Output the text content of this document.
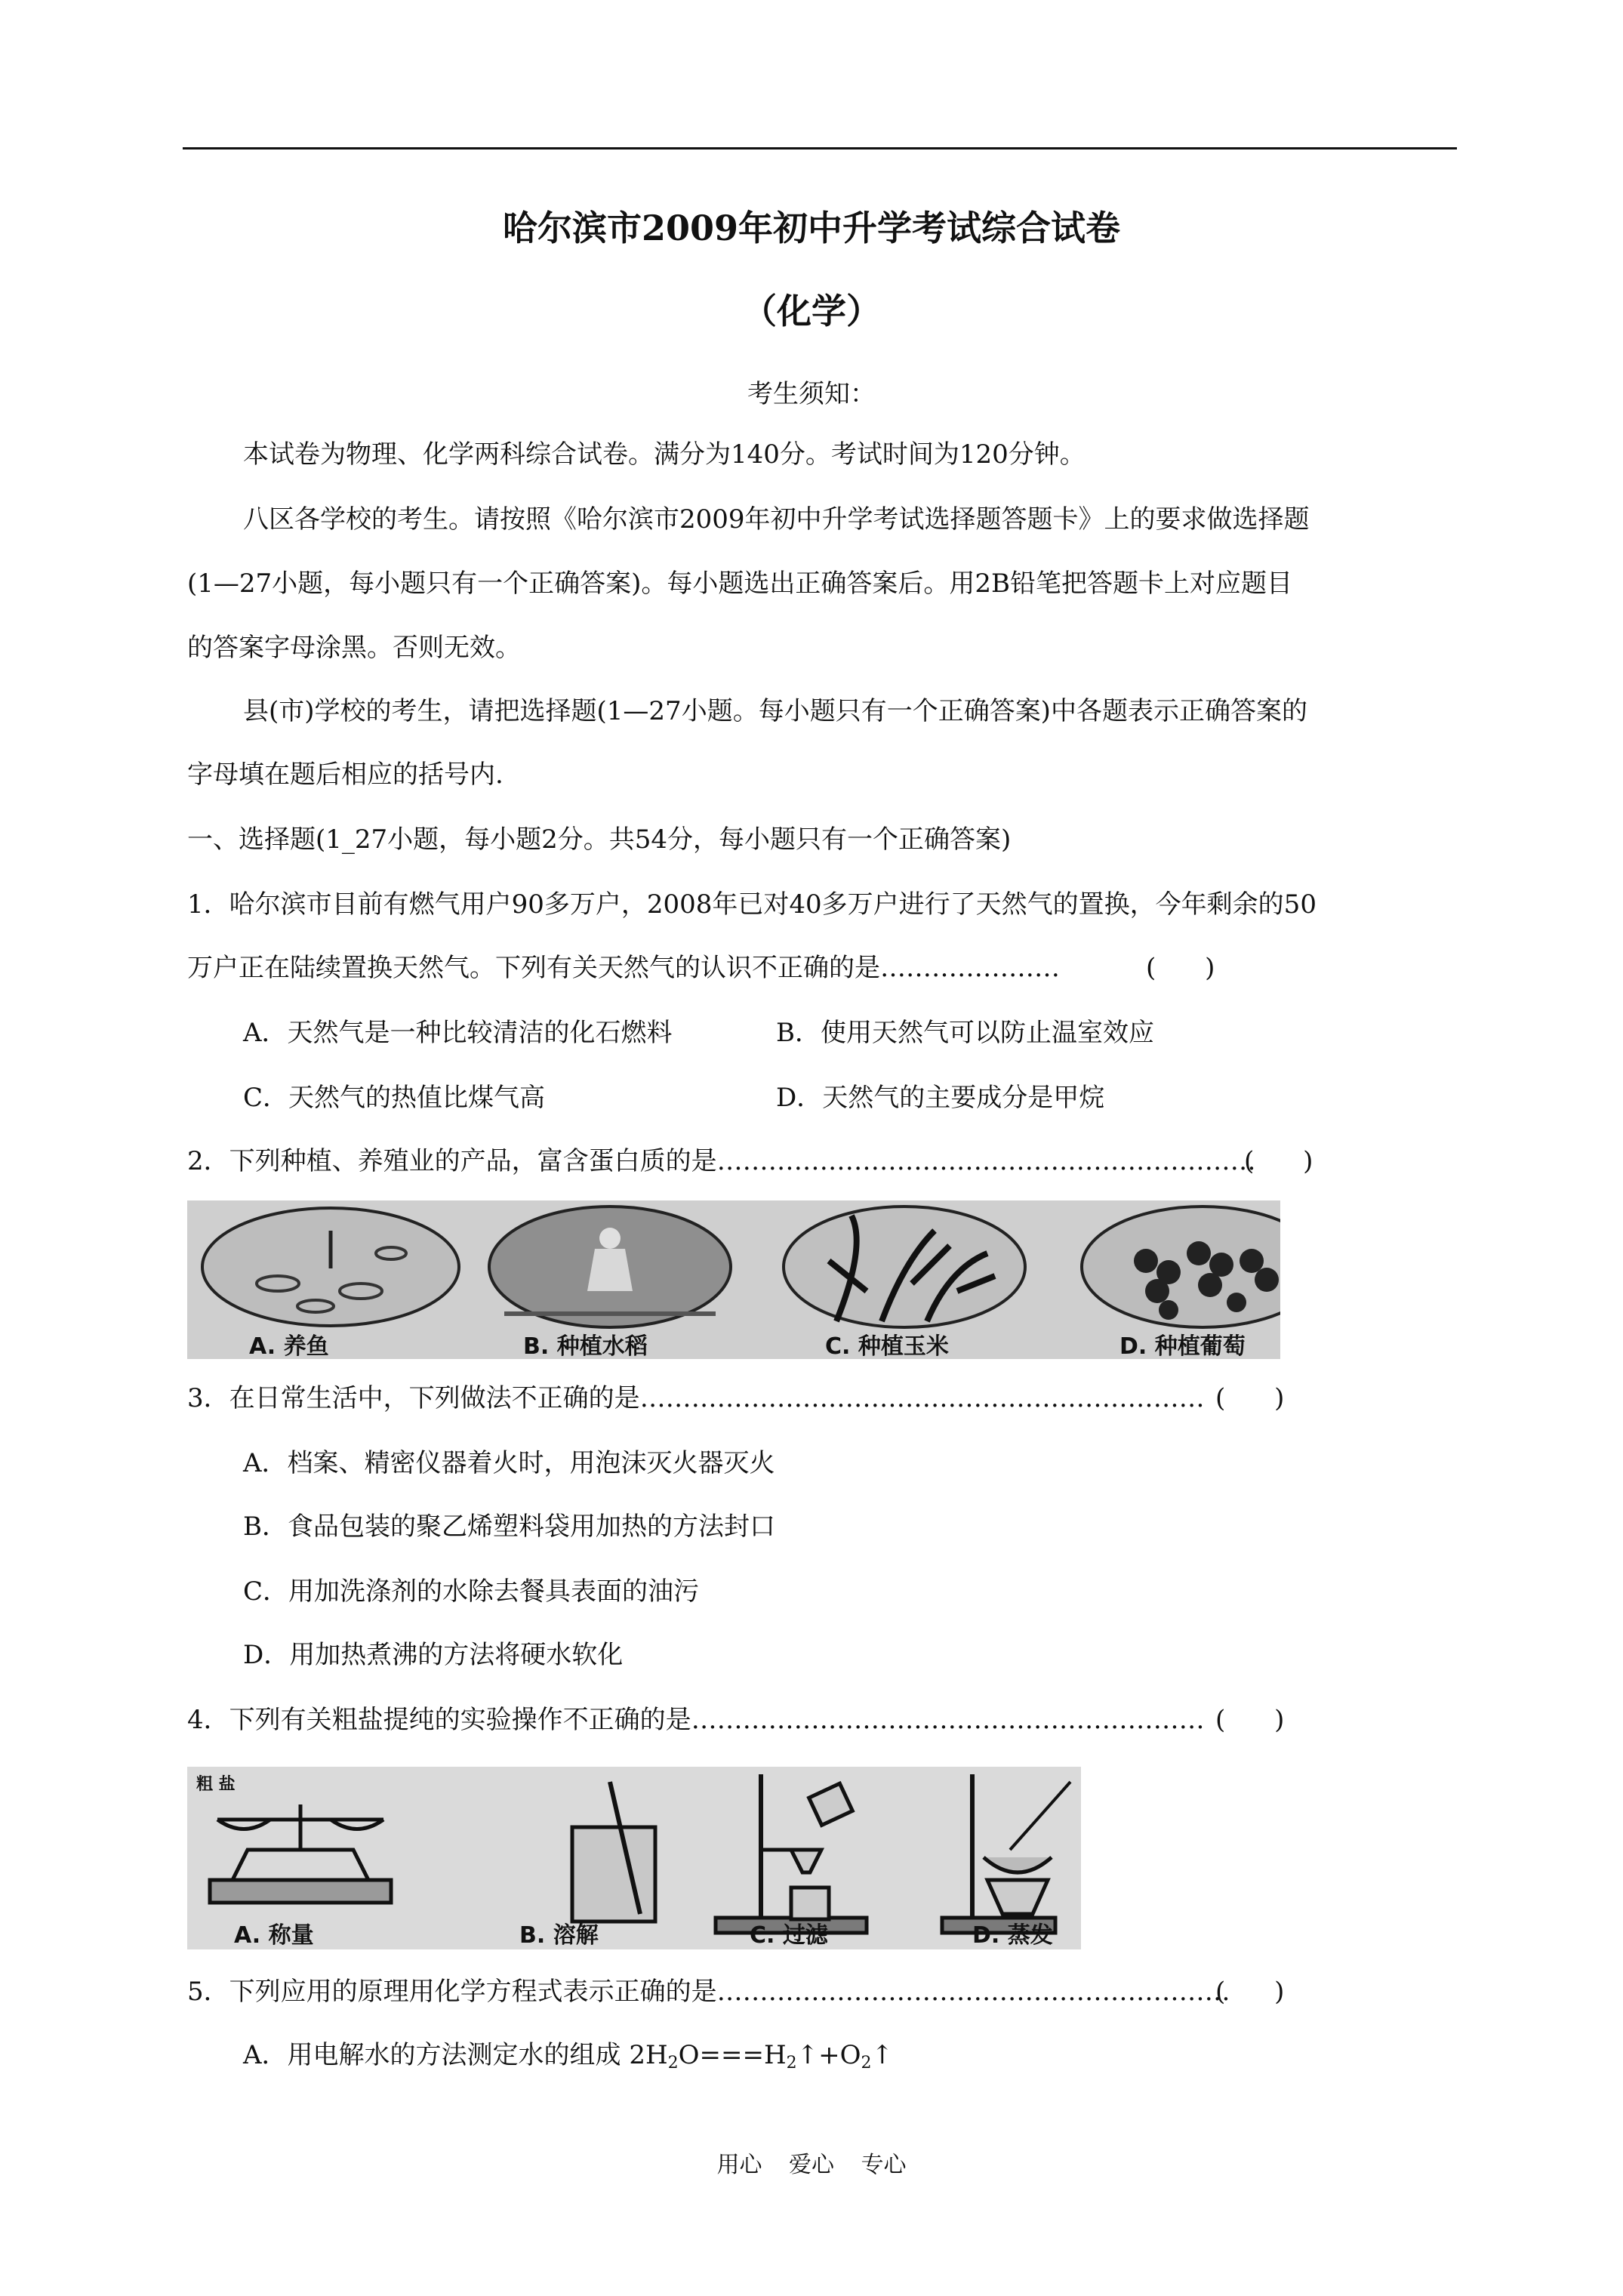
哈尔滨市2009年初中升学考试综合试卷
（化学）
考生须知：
本试卷为物理、化学两科综合试卷。满分为140分。考试时间为120分钟。
八区各学校的考生。请按照《哈尔滨市2009年初中升学考试选择题答题卡》上的要求做选择题
(1—27小题，每小题只有一个正确答案)。每小题选出正确答案后。用2B铅笔把答题卡上对应题目
的答案字母涂黑。否则无效。
县(市)学校的考生，请把选择题(1—27小题。每小题只有一个正确答案)中各题表示正确答案的
字母填在题后相应的括号内.
一、选择题(1_27小题，每小题2分。共54分，每小题只有一个正确答案)
1．哈尔滨市目前有燃气用户90多万户，2008年已对40多万户进行了天然气的置换，今年剩余的50
万户正在陆续置换天然气。下列有关天然气的认识不正确的是…………………	(      )
A．天然气是一种比较清洁的化石燃料	B．使用天然气可以防止温室效应
C．天然气的热值比煤气高	D．天然气的主要成分是甲烷
2．下列种植、养殖业的产品，富含蛋白质的是………………………………………………………
(      )
A. 养鱼	B. 种植水稻	C. 种植玉米	D. 种植葡萄
3．在日常生活中，下列做法不正确的是………………………………………………………… (      )
A．档案、精密仪器着火时，用泡沫灭火器灭火
B．食品包装的聚乙烯塑料袋用加热的方法封口
C．用加洗涤剂的水除去餐具表面的油污
D．用加热煮沸的方法将硬水软化
4．下列有关粗盐提纯的实验操作不正确的是…………………………………………………… (      )
粗 盐
A. 称量	B. 溶解	C. 过滤	D. 蒸发
5．下列应用的原理用化学方程式表示正确的是……………………………………………………
(      )
A．用电解水的方法测定水的组成 $2H_2O===H_2↑+O_2↑$
用心 爱心 专心
